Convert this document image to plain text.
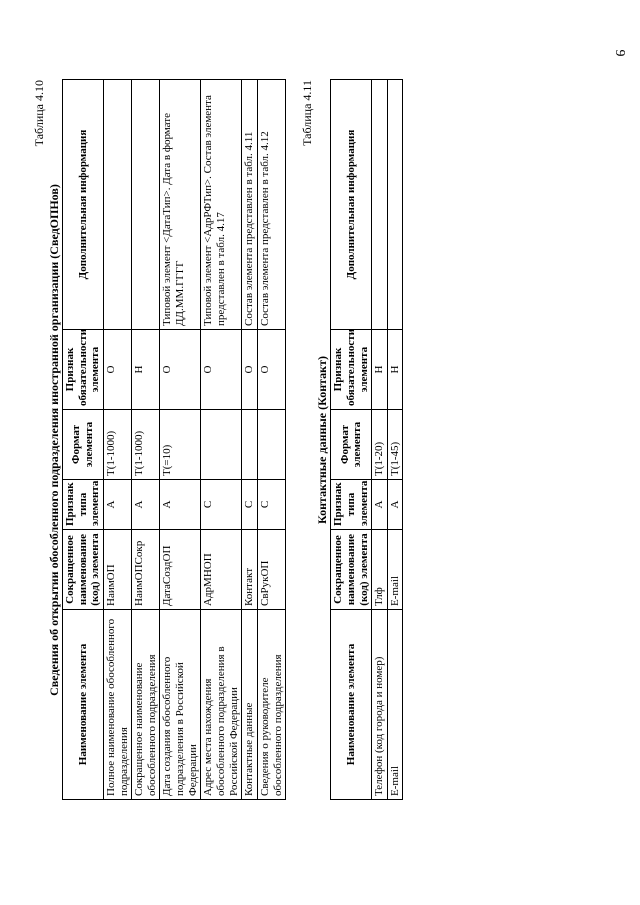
9
Таблица 4.10
Сведения об открытии обособленного подразделения иностранной организации (СведОПНов)
Наименование элемента	Сокращенное наименование (код) элемента	Признак типа элемента	Формат элемента	Признак обязательности элемента	Дополнительная информация
Полное наименование обособленного подразделения	НаимОП	А	T(1-1000)	О	
Сокращенное наименование обособленного подразделения	НаимОПСокр	А	T(1-1000)	Н	
Дата создания обособленного подразделения в Российской Федерации	ДатаСоздОП	А	T(=10)	О	Типовой элемент <ДатаТип>. Дата в формате ДД.ММ.ГГГГ
Адрес места нахождения обособленного подразделения в Российской Федерации	АдрМНОП	С		О	Типовой элемент <АдрРФТип>. Состав элемента представлен в табл. 4.17
Контактные данные	Контакт	С		О	Состав элемента представлен в табл. 4.11
Сведения о руководителе обособленного подразделения	СвРукОП	С		О	Состав элемента представлен в табл. 4.12
Таблица 4.11
Контактные данные (Контакт)
Наименование элемента	Сокращенное наименование (код) элемента	Признак типа элемента	Формат элемента	Признак обязательности элемента	Дополнительная информация
Телефон (код города и номер)	Тлф	А	T(1-20)	Н	
E-mail	E-mail	А	T(1-45)	Н	
